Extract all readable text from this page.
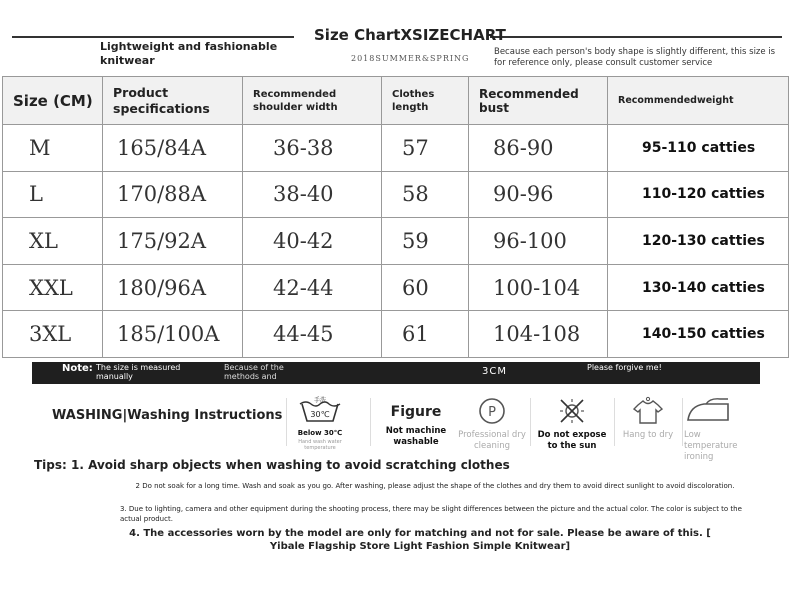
Size ChartXSIZECHART
2018SUMMER&SPRING
Lightweight and fashionable knitwear
Because each person's body shape is slightly different, this size is for reference only, please consult customer service
Size (CM)	Product specifications	Recommended shoulder width	Clothes length	Recommended bust	Recommendedweight
M	165/84A	36-38	57	86-90	95-110 catties
L	170/88A	38-40	58	90-96	110-120 catties
XL	175/92A	40-42	59	96-100	120-130 catties
XXL	180/96A	42-44	60	100-104	130-140 catties
3XL	185/100A	44-45	61	104-108	140-150 catties
Note: The size is measured manually
Because of the methods and	3CM	Please forgive me!
WASHING|Washing Instructions
手洗
30℃
Below 30℃
Hand wash water temperature
Figure
Not machine washable
P
Professional dry cleaning
Do not expose to the sun
Hang to dry	Low temperature ironing
Tips: 1. Avoid sharp objects when washing to avoid scratching clothes
2 Do not soak for a long time. Wash and soak as you go. After washing, please adjust the shape of the clothes and dry them to avoid direct sunlight to avoid discoloration.
3. Due to lighting, camera and other equipment during the shooting process, there may be slight differences between the picture and the actual color. The color is subject to the actual product.
4. The accessories worn by the model are only for matching and not for sale. Please be aware of this. [ Yibale Flagship Store Light Fashion Simple Knitwear]
